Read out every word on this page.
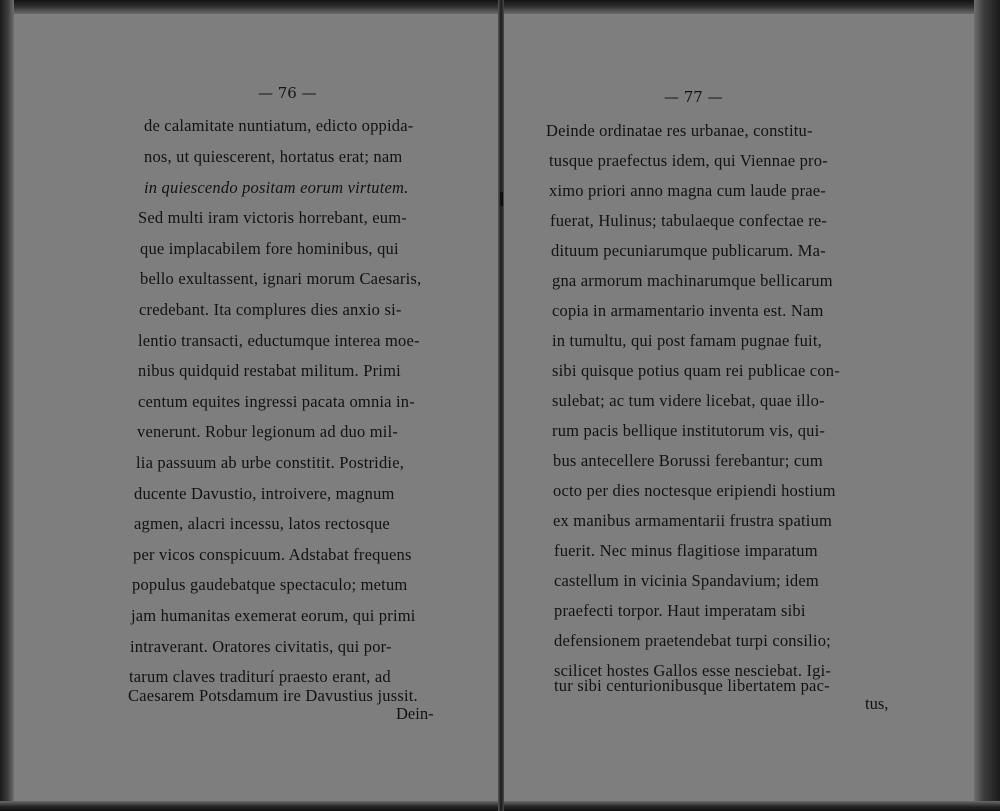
— 76 —
de calamitate nuntiatum, edicto oppida-
nos, ut quiescerent, hortatus erat; nam
in quiescendo positam eorum virtutem.
Sed multi iram victoris horrebant, eum-
que implacabilem fore hominibus, qui
bello exultassent, ignari morum Caesaris,
credebant. Ita complures dies anxio si-
lentio transacti, eductumque interea moe-
nibus quidquid restabat militum. Primi
centum equites ingressi pacata omnia in-
venerunt. Robur legionum ad duo mil-
lia passuum ab urbe constitit. Postridie,
ducente Davustio, introivere, magnum
agmen, alacri incessu, latos rectosque
per vicos conspicuum. Adstabat frequens
populus gaudebatque spectaculo; metum
jam humanitas exemerat eorum, qui primi
intraverant. Oratores civitatis, qui por-
tarum claves traditurí praesto erant, ad
Caesarem Potsdamum ire Davustius jussit.
Dein-
— 77 —
Deinde ordinatae res urbanae, constitu-
tusque praefectus idem, qui Viennae pro-
ximo priori anno magna cum laude prae-
fuerat, Hulinus; tabulaeque confectae re-
dituum pecuniarumque publicarum. Ma-
gna armorum machinarumque bellicarum
copia in armamentario inventa est. Nam
in tumultu, qui post famam pugnae fuit,
sibi quisque potius quam rei publicae con-
sulebat; ac tum videre licebat, quae illo-
rum pacis bellique institutorum vis, qui-
bus antecellere Borussi ferebantur; cum
octo per dies noctesque eripiendi hostium
ex manibus armamentarii frustra spatium
fuerit. Nec minus flagitiose imparatum
castellum in vicinia Spandavium; idem
praefecti torpor. Haut imperatam sibi
defensionem praetendebat turpi consilio;
scilicet hostes Gallos esse nesciebat. Igi-
tur sibi centurionibusque libertatem pac-
tus,
